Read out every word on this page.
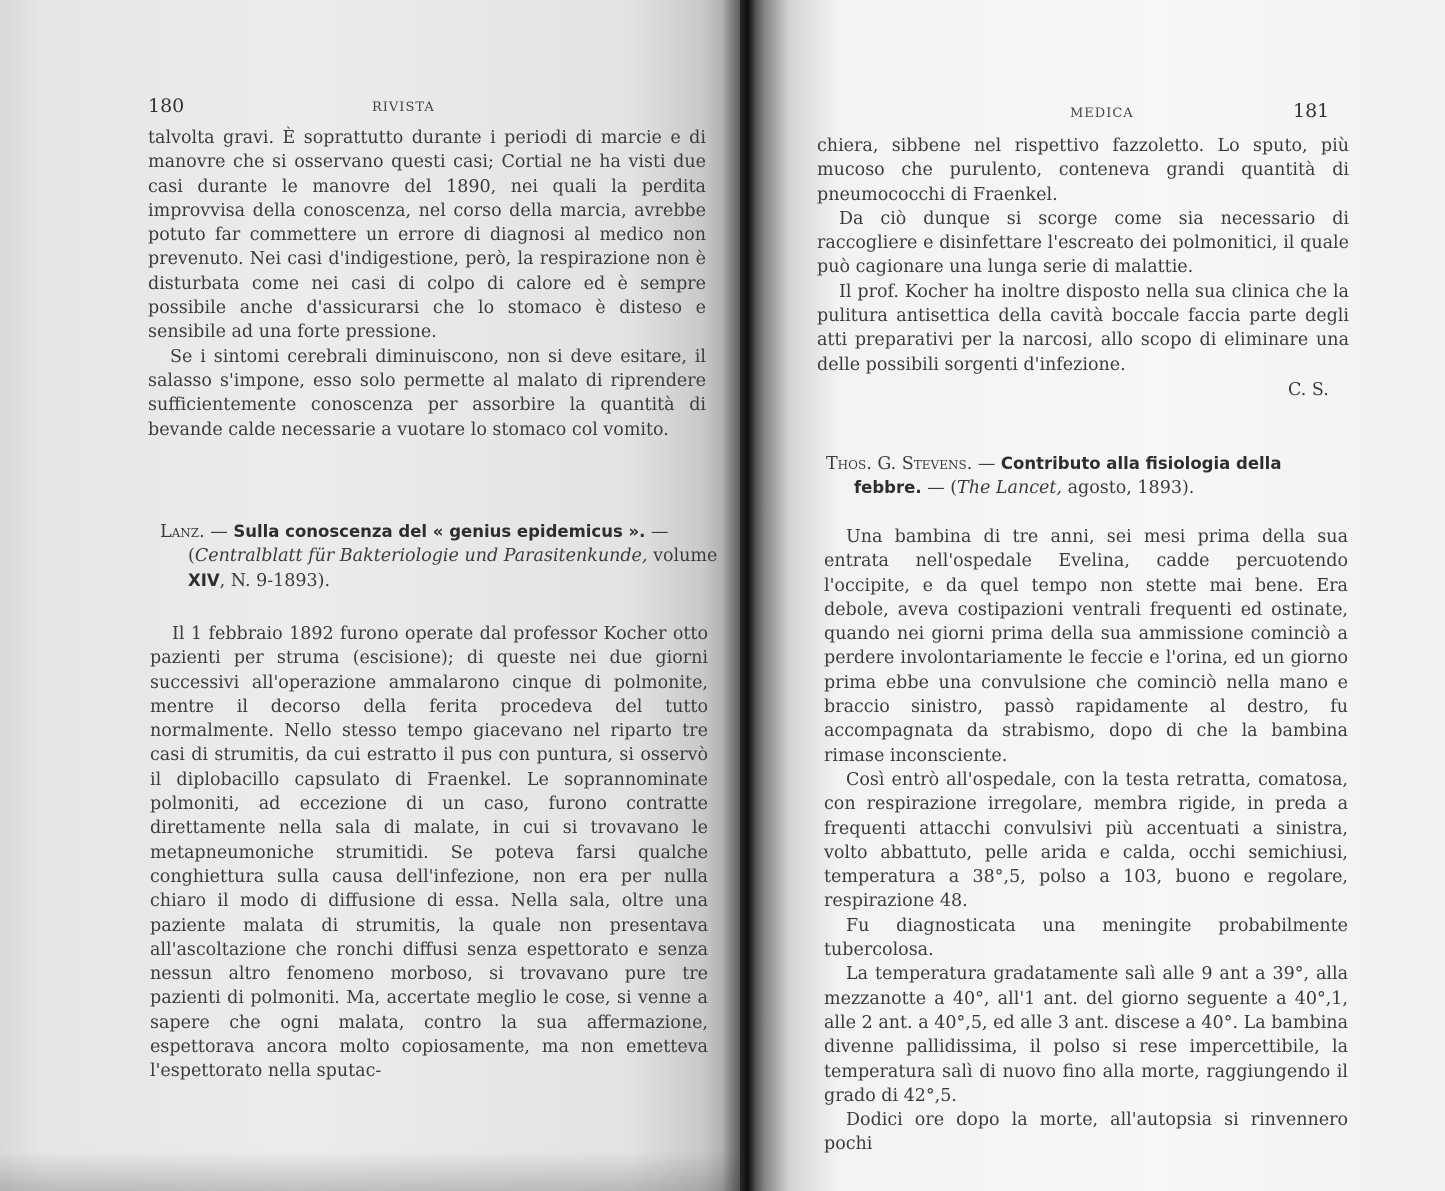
180	RIVISTA

talvolta gravi. È soprattutto durante i periodi di marcie e di manovre che si osservano questi casi; Cortial ne ha visti due casi durante le manovre del 1890, nei quali la perdita improvvisa della conoscenza, nel corso della marcia, avrebbe potuto far commettere un errore di diagnosi al medico non prevenuto. Nei casi d'indigestione, però, la respirazione non è disturbata come nei casi di colpo di calore ed è sempre possibile anche d'assicurarsi che lo stomaco è disteso e sensibile ad una forte pressione.

Se i sintomi cerebrali diminuiscono, non si deve esitare, il salasso s'impone, esso solo permette al malato di riprendere sufficientemente conoscenza per assorbire la quantità di bevande calde necessarie a vuotare lo stomaco col vomito.

Lanz. — Sulla conoscenza del « genius epidemicus ». —
(Centralblatt für Bakteriologie und Parasitenkunde, volume XIV, N. 9-1893).

Il 1 febbraio 1892 furono operate dal professor Kocher otto pazienti per struma (escisione); di queste nei due giorni successivi all'operazione ammalarono cinque di polmonite, mentre il decorso della ferita procedeva del tutto normalmente. Nello stesso tempo giacevano nel riparto tre casi di strumitis, da cui estratto il pus con puntura, si osservò il diplobacillo capsulato di Fraenkel. Le soprannominate polmoniti, ad eccezione di un caso, furono contratte direttamente nella sala di malate, in cui si trovavano le metapneumoniche strumitidi. Se poteva farsi qualche conghiettura sulla causa dell'infezione, non era per nulla chiaro il modo di diffusione di essa. Nella sala, oltre una paziente malata di strumitis, la quale non presentava all'ascoltazione che ronchi diffusi senza espettorato e senza nessun altro fenomeno morboso, si trovavano pure tre pazienti di polmoniti. Ma, accertate meglio le cose, si venne a sapere che ogni malata, contro la sua affermazione, espettorava ancora molto copiosamente, ma non emetteva l'espettorato nella sputac-

MEDICA	181

chiera, sibbene nel rispettivo fazzoletto. Lo sputo, più mucoso che purulento, conteneva grandi quantità di pneumococchi di Fraenkel.

Da ciò dunque si scorge come sia necessario di raccogliere e disinfettare l'escreato dei polmonitici, il quale può cagionare una lunga serie di malattie.

Il prof. Kocher ha inoltre disposto nella sua clinica che la pulitura antisettica della cavità boccale faccia parte degli atti preparativi per la narcosi, allo scopo di eliminare una delle possibili sorgenti d'infezione.

C. S.
Thos. G. Stevens. — Contributo alla fisiologia della
febbre. — (The Lancet, agosto, 1893).

Una bambina di tre anni, sei mesi prima della sua entrata nell'ospedale Evelina, cadde percuotendo l'occipite, e da quel tempo non stette mai bene. Era debole, aveva costipazioni ventrali frequenti ed ostinate, quando nei giorni prima della sua ammissione cominciò a perdere involontariamente le feccie e l'orina, ed un giorno prima ebbe una convulsione che cominciò nella mano e braccio sinistro, passò rapidamente al destro, fu accompagnata da strabismo, dopo di che la bambina rimase inconsciente.

Così entrò all'ospedale, con la testa retratta, comatosa, con respirazione irregolare, membra rigide, in preda a frequenti attacchi convulsivi più accentuati a sinistra, volto abbattuto, pelle arida e calda, occhi semichiusi, temperatura a 38°,5, polso a 103, buono e regolare, respirazione 48.

Fu diagnosticata una meningite probabilmente tubercolosa.

La temperatura gradatamente salì alle 9 ant a 39°, alla mezzanotte a 40°, all'1 ant. del giorno seguente a 40°,1, alle 2 ant. a 40°,5, ed alle 3 ant. discese a 40°. La bambina divenne pallidissima, il polso si rese impercettibile, la temperatura salì di nuovo fino alla morte, raggiungendo il grado di 42°,5.

Dodici ore dopo la morte, all'autopsia si rinvennero pochi
